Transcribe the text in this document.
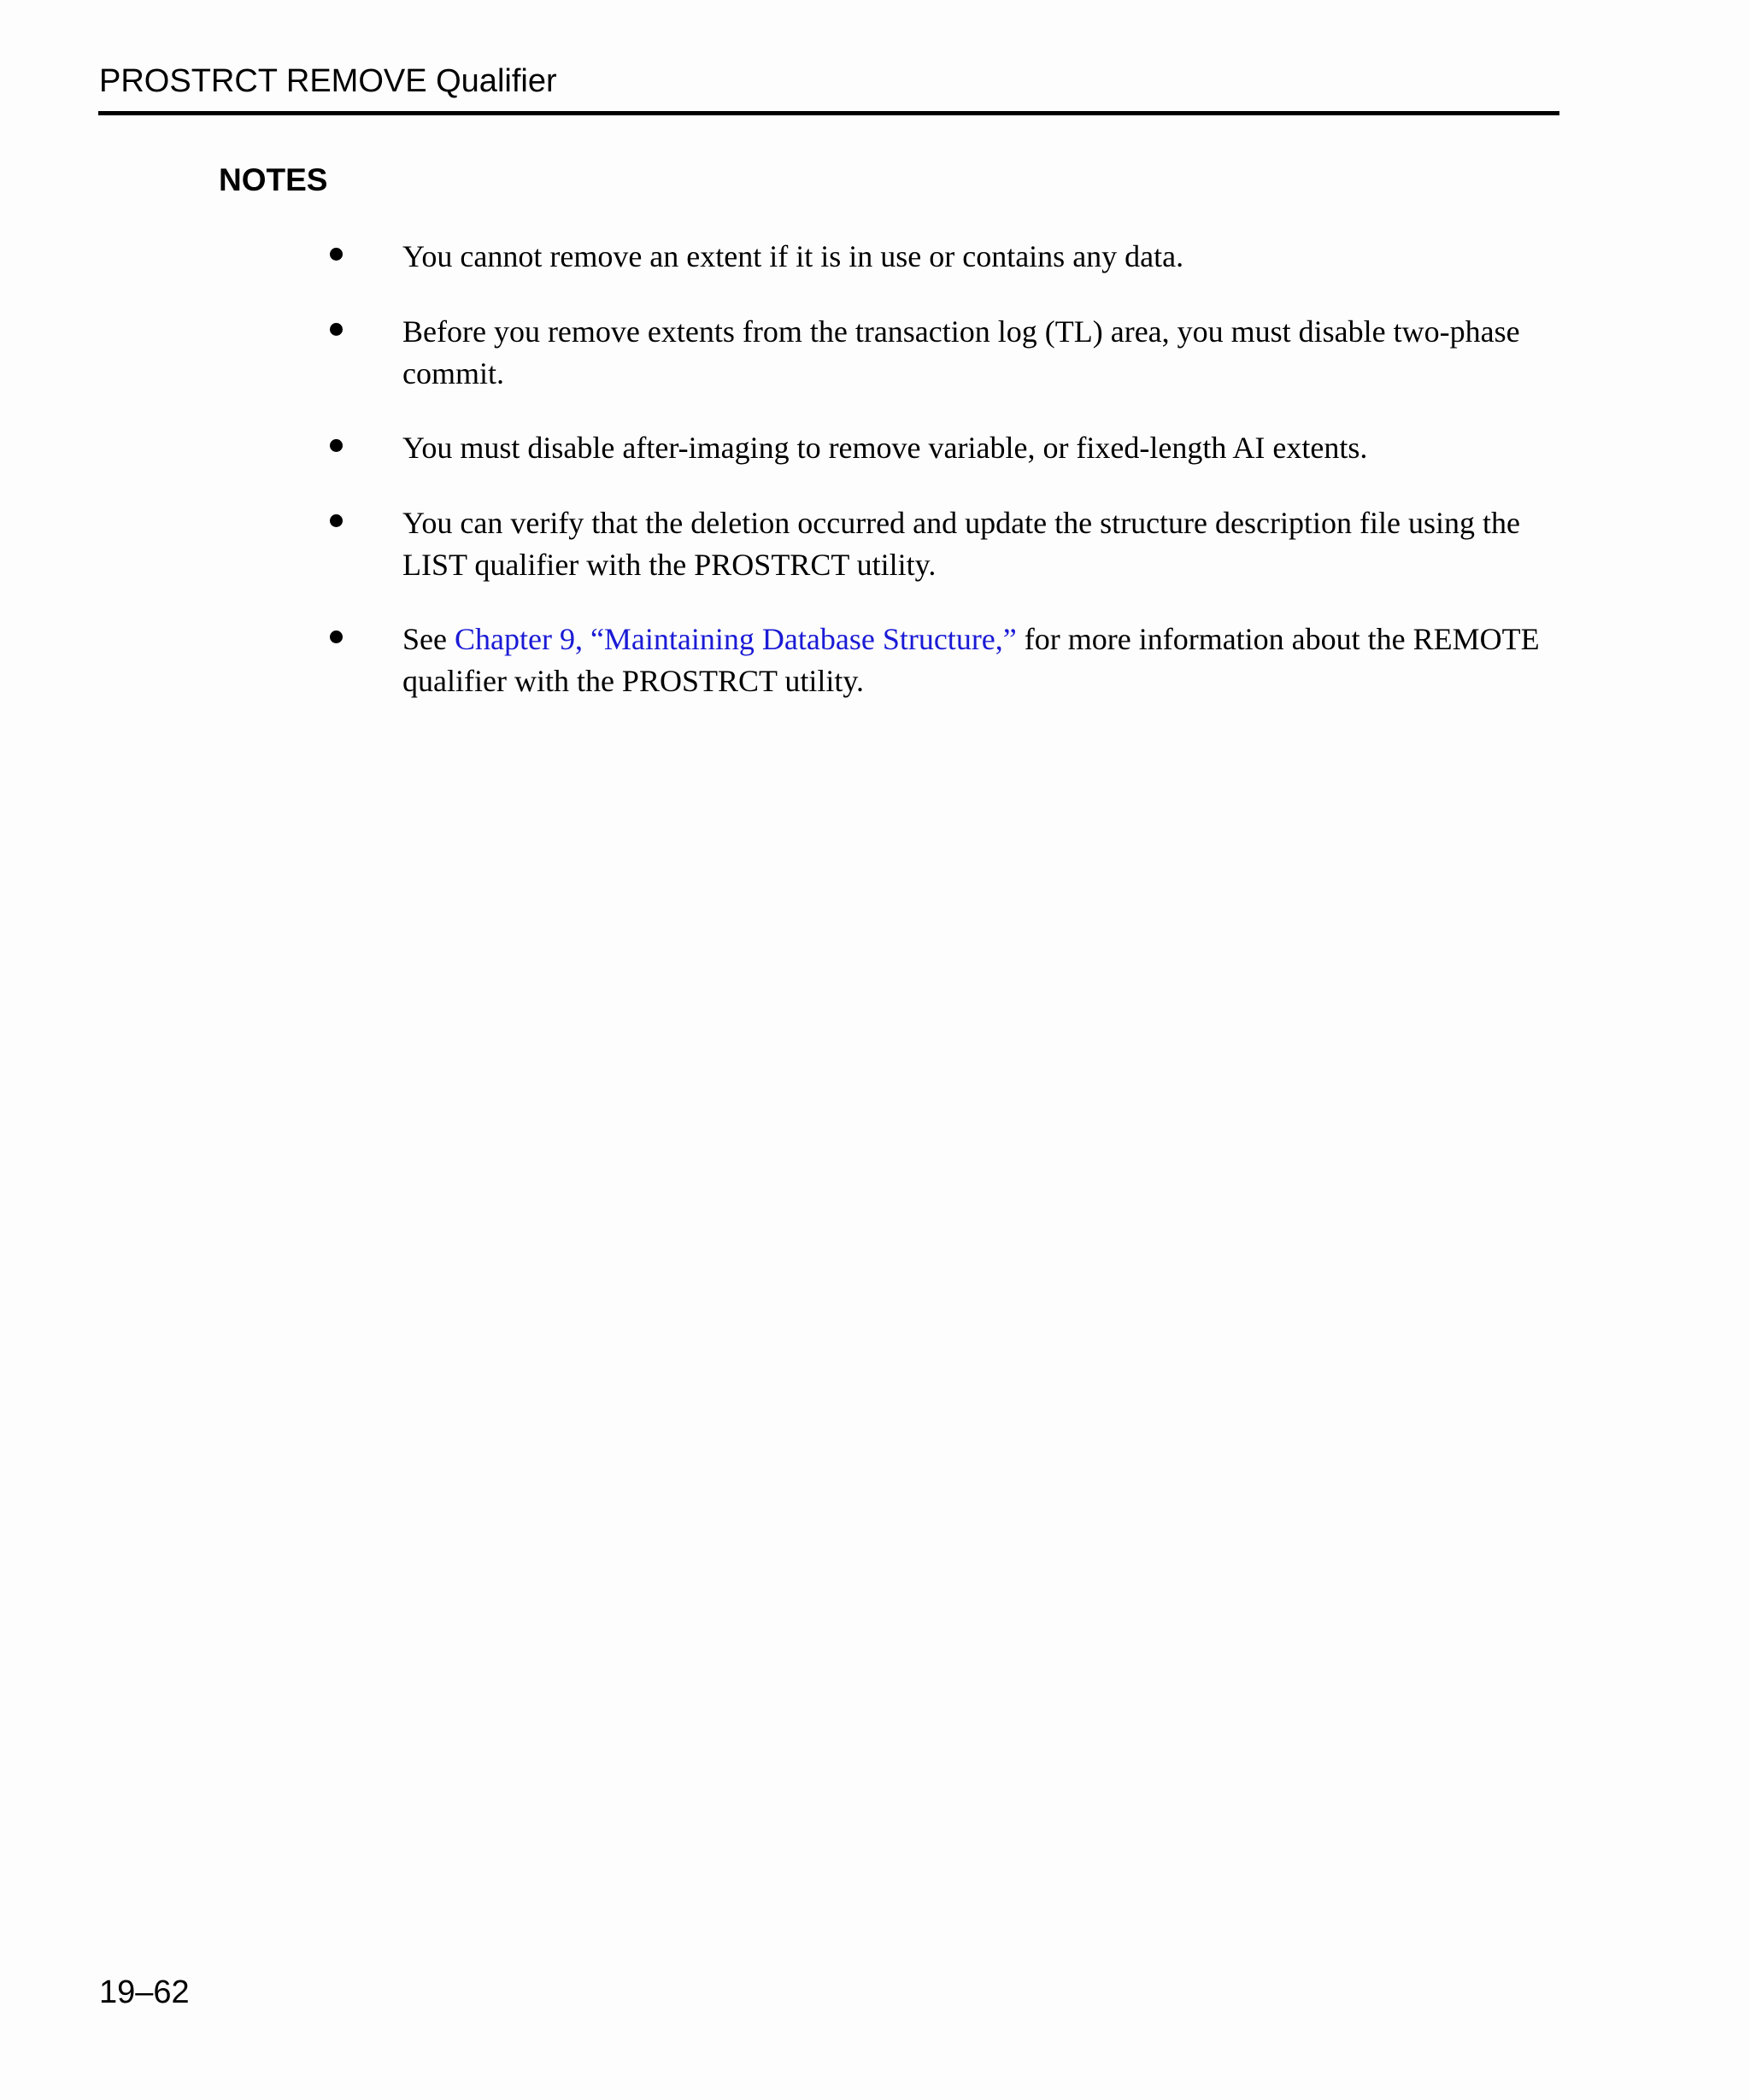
PROSTRCT REMOVE Qualifier
NOTES
You cannot remove an extent if it is in use or contains any data.
Before you remove extents from the transaction log (TL) area, you must disable two-phase commit.
You must disable after-imaging to remove variable, or fixed-length AI extents.
You can verify that the deletion occurred and update the structure description file using the LIST qualifier with the PROSTRCT utility.
See Chapter 9, “Maintaining Database Structure,” for more information about the REMOTE qualifier with the PROSTRCT utility.
19–62
